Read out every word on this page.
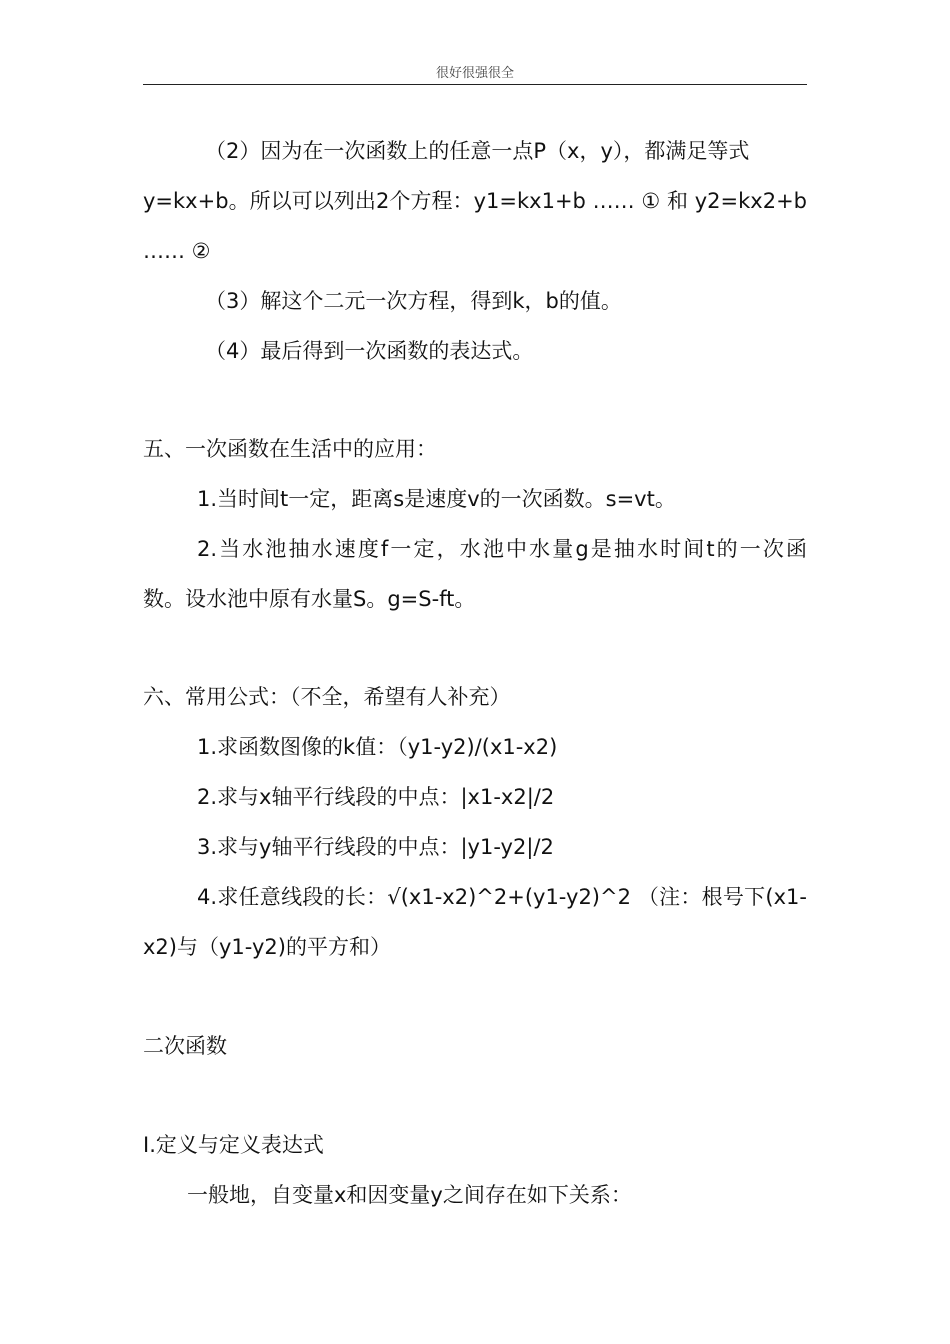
很好很强很全
（2）因为在一次函数上的任意一点P（x，y），都满足等式
y=kx+b。所以可以列出2个方程：y1=kx1+b …… ① 和 y2=kx2+b
…… ②
（3）解这个二元一次方程，得到k，b的值。
（4）最后得到一次函数的表达式。
五、一次函数在生活中的应用：
1.当时间t一定，距离s是速度v的一次函数。s=vt。
2.当水池抽水速度f一定，水池中水量g是抽水时间t的一次函
数。设水池中原有水量S。g=S-ft。
六、常用公式：（不全，希望有人补充）
1.求函数图像的k值：（y1-y2)/(x1-x2)
2.求与x轴平行线段的中点：|x1-x2|/2
3.求与y轴平行线段的中点：|y1-y2|/2
4.求任意线段的长：√(x1-x2)^2+(y1-y2)^2 （注：根号下(x1-
x2)与（y1-y2)的平方和）
二次函数
I.定义与定义表达式
一般地，自变量x和因变量y之间存在如下关系：
